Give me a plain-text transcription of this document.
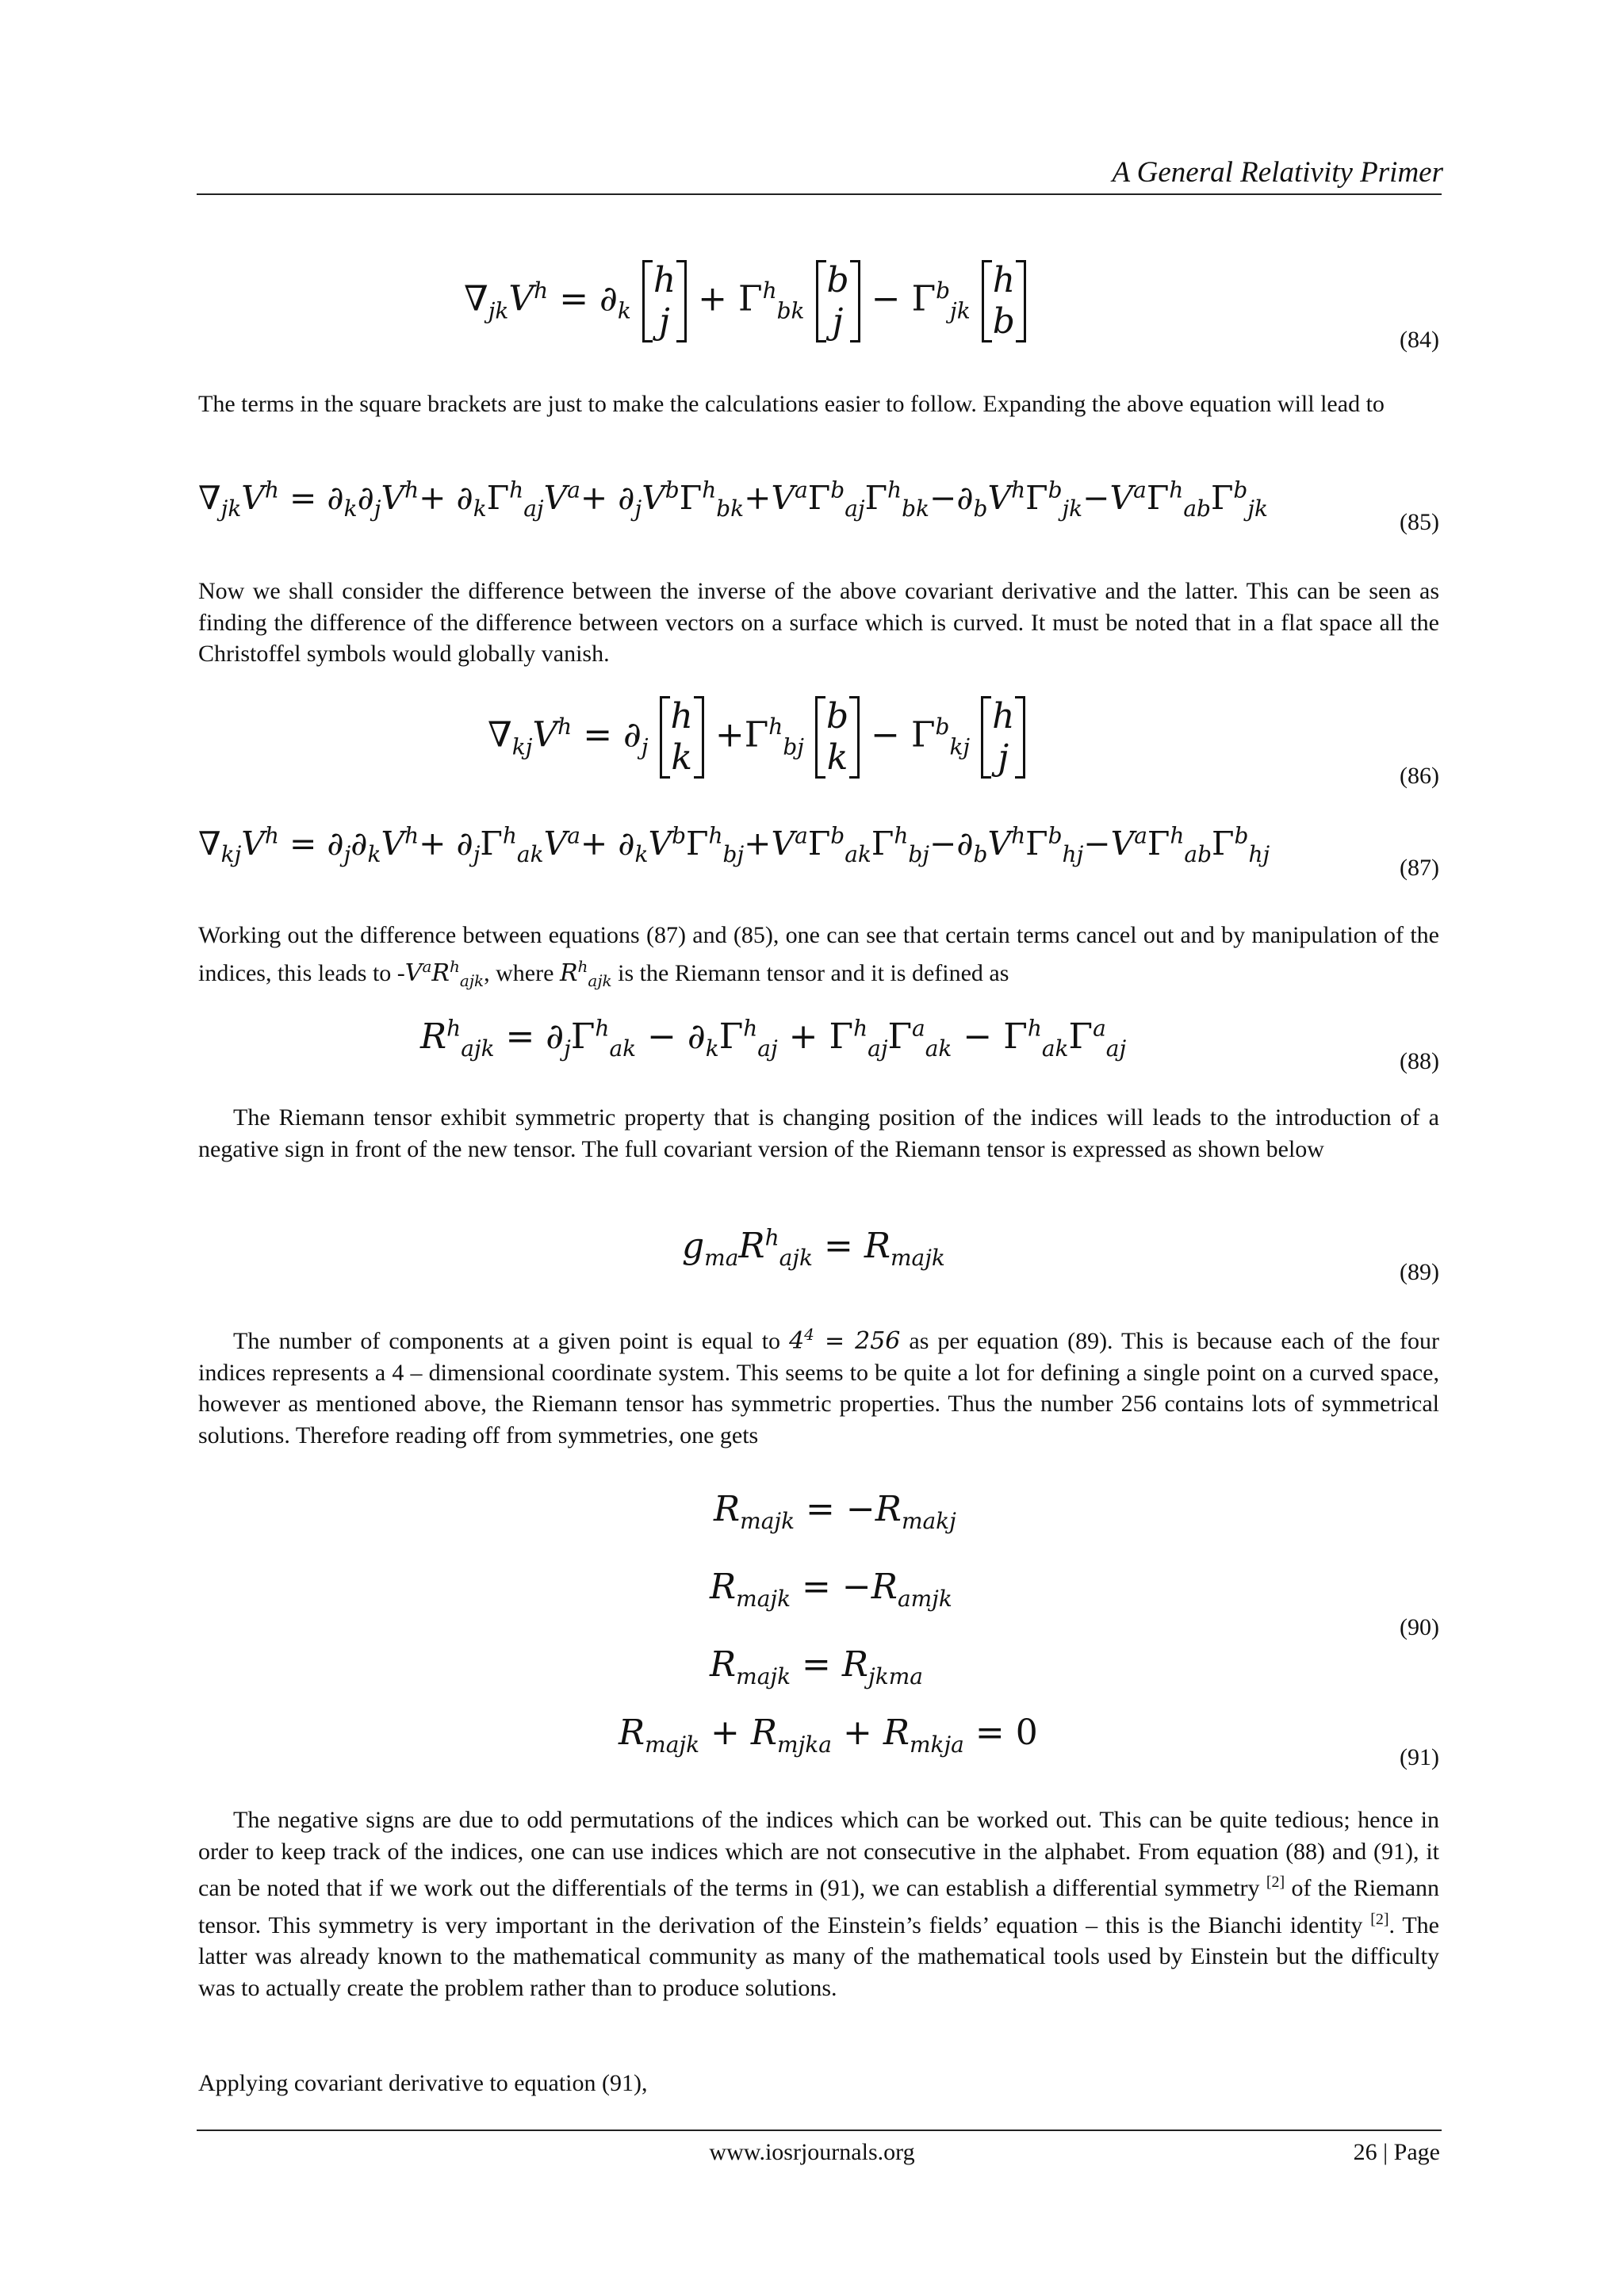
A General Relativity Primer
$\nabla_{jk}V^h = \partial_k$
h
j
+ $\Gamma^h_{bk}$
b
j
− $\Gamma^b_{jk}$
h
b	(84)
The terms in the square brackets are just to make the calculations easier to follow. Expanding the above equation will lead to
$\nabla_{jk}V^h = \partial_k\partial_jV^h+ \partial_k\Gamma^h_{aj}V^a+ \partial_jV^b\Gamma^h_{bk}+V^a\Gamma^b_{aj}\Gamma^h_{bk}-\partial_bV^h\Gamma^b_{jk}-V^a\Gamma^h_{ab}\Gamma^b_{jk}$
(85)
Now we shall consider the difference between the inverse of the above covariant derivative and the latter. This can be seen as finding the difference of the difference between vectors on a surface which is curved. It must be noted that in a flat space all the Christoffel symbols would globally vanish.
$\nabla_{kj}V^h = \partial_j$
h
k
$+\Gamma^h_{bj}$
b
k
− $\Gamma^b_{kj}$
h
j	(86)
$\nabla_{kj}V^h = \partial_j\partial_kV^h+ \partial_j\Gamma^h_{ak}V^a+ \partial_kV^b\Gamma^h_{bj}+V^a\Gamma^b_{ak}\Gamma^h_{bj}-\partial_bV^h\Gamma^b_{hj}-V^a\Gamma^h_{ab}\Gamma^b_{hj}$
(87)
Working out the difference between equations (87) and (85), one can see that certain terms cancel out and by manipulation of the indices, this leads to $-V^aR^h_{ajk}$, where $R^h_{ajk}$ is the Riemann tensor and it is defined as
$R^h_{ajk} = \partial_j\Gamma^h_{ak} - \partial_k\Gamma^h_{aj} + \Gamma^h_{aj}\Gamma^a_{ak} - \Gamma^h_{ak}\Gamma^a_{aj}$	(88)
The Riemann tensor exhibit symmetric property that is changing position of the indices will leads to the introduction of a negative sign in front of the new tensor. The full covariant version of the Riemann tensor is expressed as shown below
$g_{ma}R^h_{ajk} = R_{majk}$
(89)
The number of components at a given point is equal to $4^4 = 256$ as per equation (89). This is because each of the four indices represents a 4 – dimensional coordinate system. This seems to be quite a lot for defining a single point on a curved space, however as mentioned above, the Riemann tensor has symmetric properties. Thus the number 256 contains lots of symmetrical solutions. Therefore reading off from symmetries, one gets
$R_{majk} = -R_{makj}$
$R_{majk} = -R_{amjk}$
$R_{majk} = R_{jkma}$
(90)
$R_{majk} + R_{mjka} + R_{mkja} = 0$
(91)
The negative signs are due to odd permutations of the indices which can be worked out. This can be quite tedious; hence in order to keep track of the indices, one can use indices which are not consecutive in the alphabet. From equation (88) and (91), it can be noted that if we work out the differentials of the terms in (91), we can establish a differential symmetry [2] of the Riemann tensor. This symmetry is very important in the derivation of the Einstein’s fields’ equation – this is the Bianchi identity [2]. The latter was already known to the mathematical community as many of the mathematical tools used by Einstein but the difficulty was to actually create the problem rather than to produce solutions.
Applying covariant derivative to equation (91),
www.iosrjournals.org	26 | Page
